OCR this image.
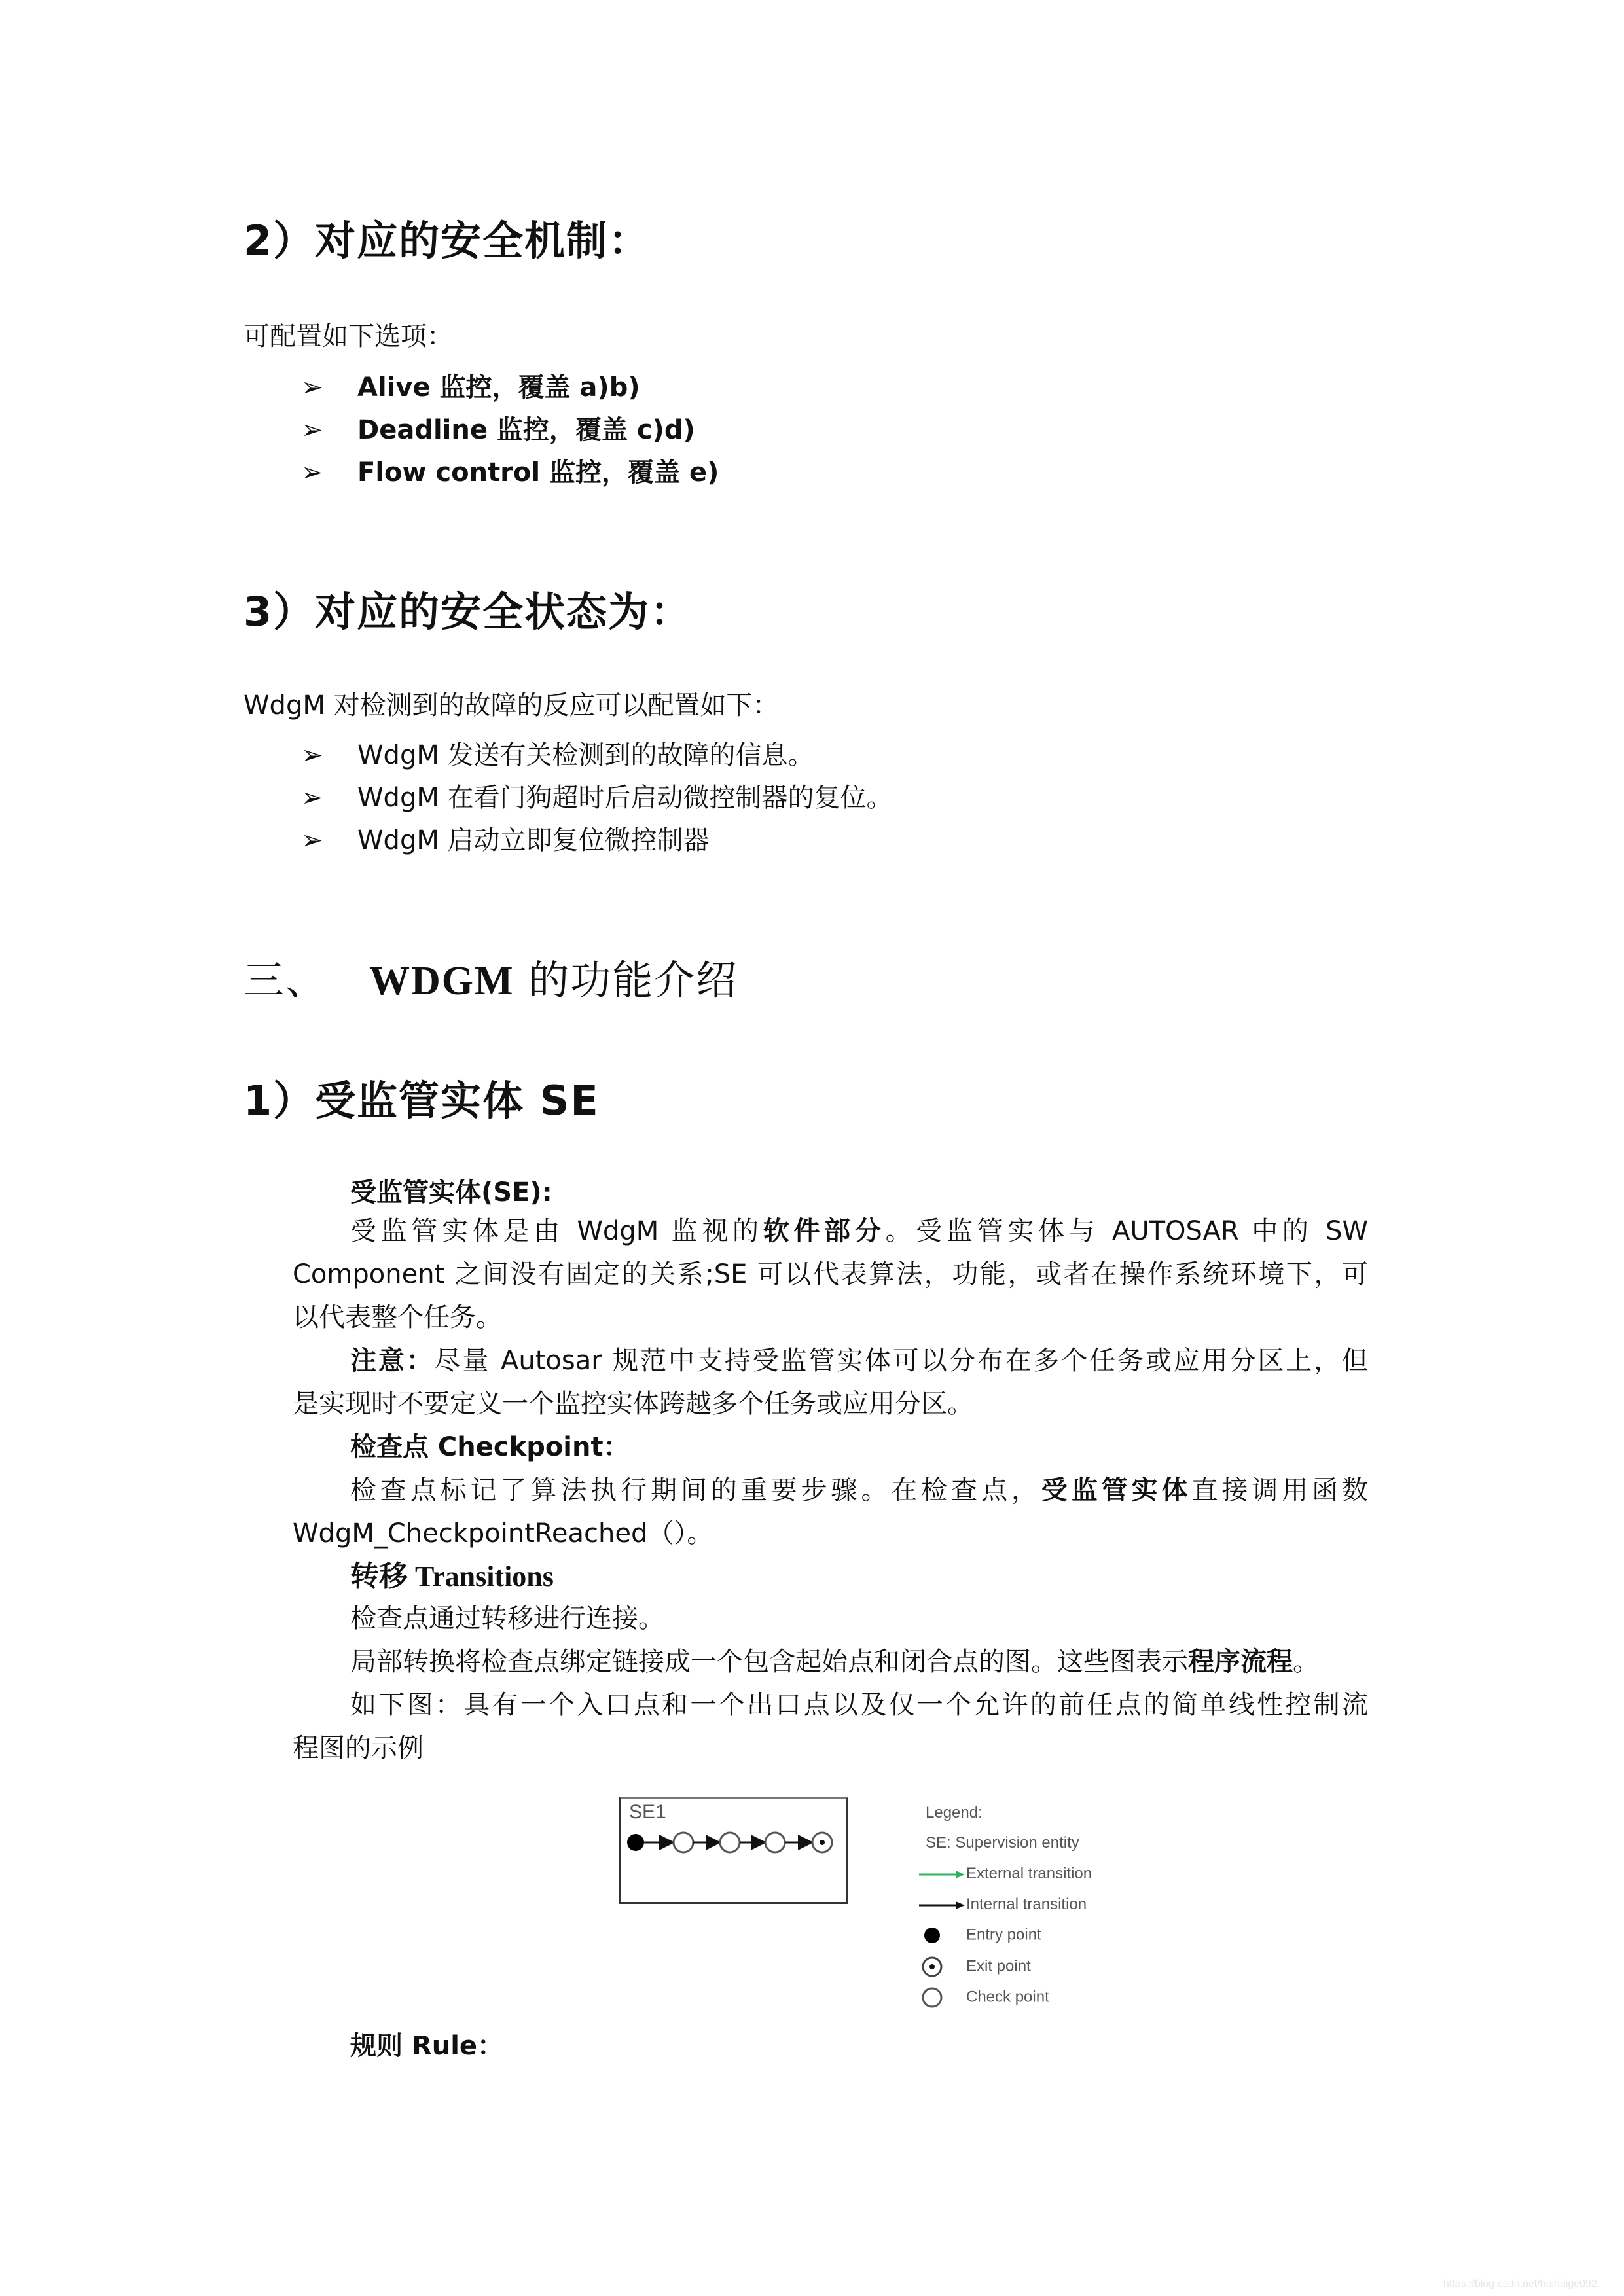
2）对应的安全机制：
可配置如下选项：
➢ Alive 监控，覆盖 a)b)
➢ Deadline 监控，覆盖 c)d)
➢ Flow control 监控，覆盖 e)
3）对应的安全状态为：
WdgM 对检测到的故障的反应可以配置如下：
➢ WdgM 发送有关检测到的故障的信息。
➢ WdgM 在看门狗超时后启动微控制器的复位。
➢ WdgM 启动立即复位微控制器
三、 WDGM 的功能介绍
1）受监管实体 SE
受监管实体(SE):
受监管实体是由 WdgM 监视的软件部分。受监管实体与 AUTOSAR 中的 SW
Component 之间没有固定的关系;SE 可以代表算法，功能，或者在操作系统环境下，可
以代表整个任务。
注意：尽量 Autosar 规范中支持受监管实体可以分布在多个任务或应用分区上，但
是实现时不要定义一个监控实体跨越多个任务或应用分区。
检查点 Checkpoint：
检查点标记了算法执行期间的重要步骤。在检查点，受监管实体直接调用函数
WdgM_CheckpointReached（）。
转移 Transitions
检查点通过转移进行连接。
局部转换将检查点绑定链接成一个包含起始点和闭合点的图。这些图表示程序流程。
如下图：具有一个入口点和一个出口点以及仅一个允许的前任点的简单线性控制流
程图的示例
SE1	Legend:
SE: Supervision entity
External transition
Internal transition
Entry point
Exit point
Check point
规则 Rule：
https://blog.csdn.net/huihuige092
